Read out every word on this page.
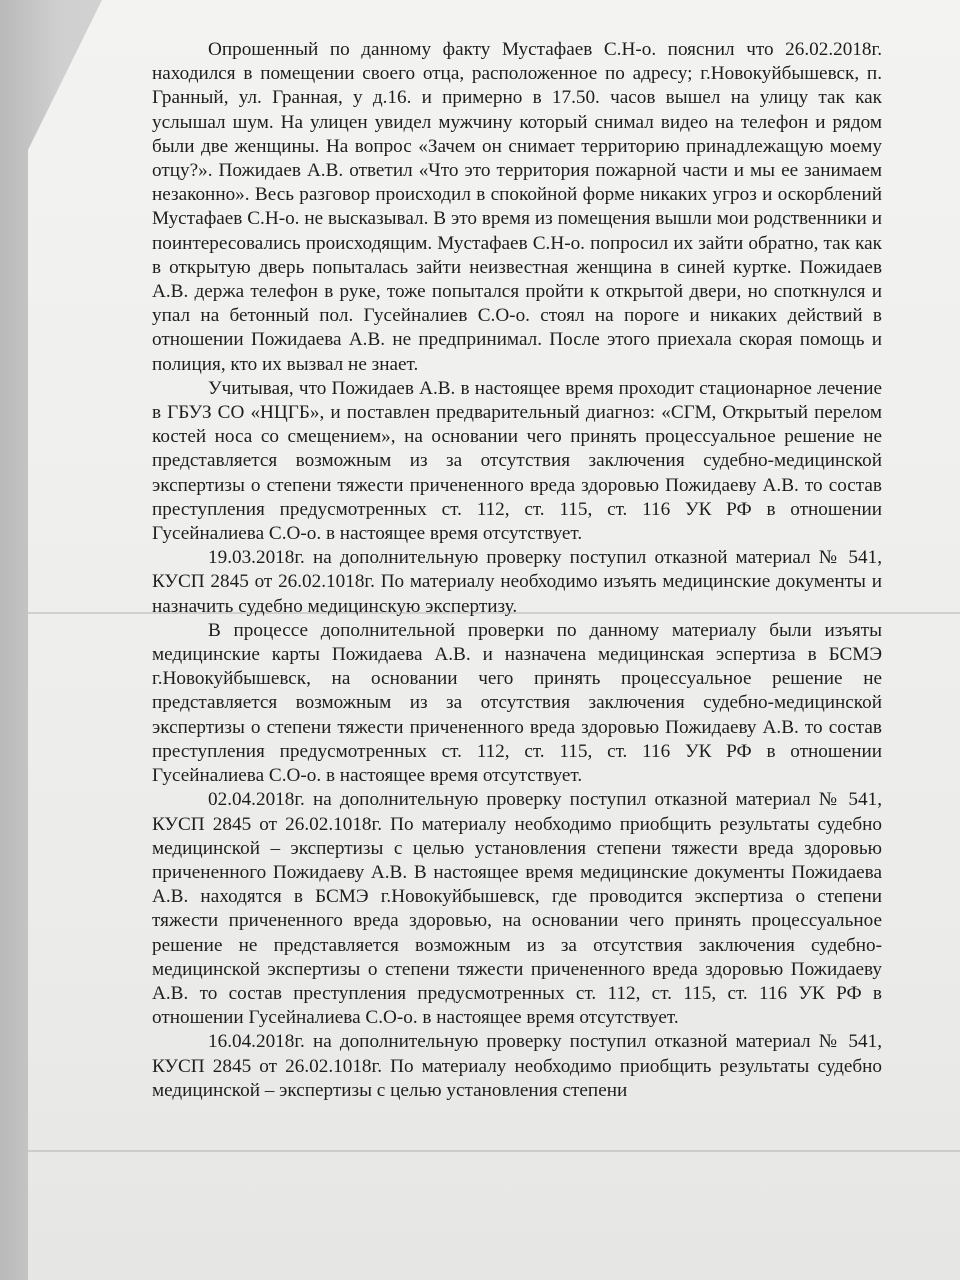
Опрошенный по данному факту Мустафаев С.Н-о. пояснил что 26.02.2018г. находился в помещении своего отца, расположенное по адресу; г.Новокуйбышевск, п. Гранный, ул. Гранная, у д.16. и примерно в 17.50. часов вышел на улицу так как услышал шум. На улицен увидел мужчину который снимал видео на телефон и рядом были две женщины. На вопрос «Зачем он снимает территорию принадлежащую моему отцу?». Пожидаев А.В. ответил «Что это территория пожарной части и мы ее занимаем незаконно». Весь разговор происходил в спокойной форме никаких угроз и оскорблений Мустафаев С.Н-о. не высказывал. В это время из помещения вышли мои родственники и поинтересовались происходящим. Мустафаев С.Н-о. попросил их зайти обратно, так как в открытую дверь попыталась зайти неизвестная женщина в синей куртке. Пожидаев А.В. держа телефон в руке, тоже попытался пройти к открытой двери, но споткнулся и упал на бетонный пол. Гусейналиев С.О-о. стоял на пороге и никаких действий в отношении Пожидаева А.В. не предпринимал. После этого приехала скорая помощь и полиция, кто их вызвал не знает.

Учитывая, что Пожидаев А.В. в настоящее время проходит стационарное лечение в ГБУЗ СО «НЦГБ», и поставлен предварительный диагноз: «СГМ, Открытый перелом костей носа со смещением», на основании чего принять процессуальное решение не представляется возможным из за отсутствия заключения судебно-медицинской экспертизы о степени тяжести причененного вреда здоровью Пожидаеву А.В. то состав преступления предусмотренных ст. 112, ст. 115, ст. 116 УК РФ в отношении Гусейналиева С.О-о. в настоящее время отсутствует.

19.03.2018г. на дополнительную проверку поступил отказной материал № 541, КУСП 2845 от 26.02.1018г. По материалу необходимо изъять медицинские документы и назначить судебно медицинскую экспертизу.

В процессе дополнительной проверки по данному материалу были изъяты медицинские карты Пожидаева А.В. и назначена медицинская эспертиза в БСМЭ г.Новокуйбышевск, на основании чего принять процессуальное решение не представляется возможным из за отсутствия заключения судебно-медицинской экспертизы о степени тяжести причененного вреда здоровью Пожидаеву А.В. то состав преступления предусмотренных ст. 112, ст. 115, ст. 116 УК РФ в отношении Гусейналиева С.О-о. в настоящее время отсутствует.

02.04.2018г. на дополнительную проверку поступил отказной материал № 541, КУСП 2845 от 26.02.1018г. По материалу необходимо приобщить результаты судебно медицинской – экспертизы с целью установления степени тяжести вреда здоровью причененного Пожидаеву А.В. В настоящее время медицинские документы Пожидаева А.В. находятся в БСМЭ г.Новокуйбышевск, где проводится экспертиза о степени тяжести причененного вреда здоровью, на основании чего принять процессуальное решение не представляется возможным из за отсутствия заключения судебно-медицинской экспертизы о степени тяжести причененного вреда здоровью Пожидаеву А.В. то состав преступления предусмотренных ст. 112, ст. 115, ст. 116 УК РФ в отношении Гусейналиева С.О-о. в настоящее время отсутствует.

16.04.2018г. на дополнительную проверку поступил отказной материал № 541, КУСП 2845 от 26.02.1018г. По материалу необходимо приобщить результаты судебно медицинской – экспертизы с целью установления степени
